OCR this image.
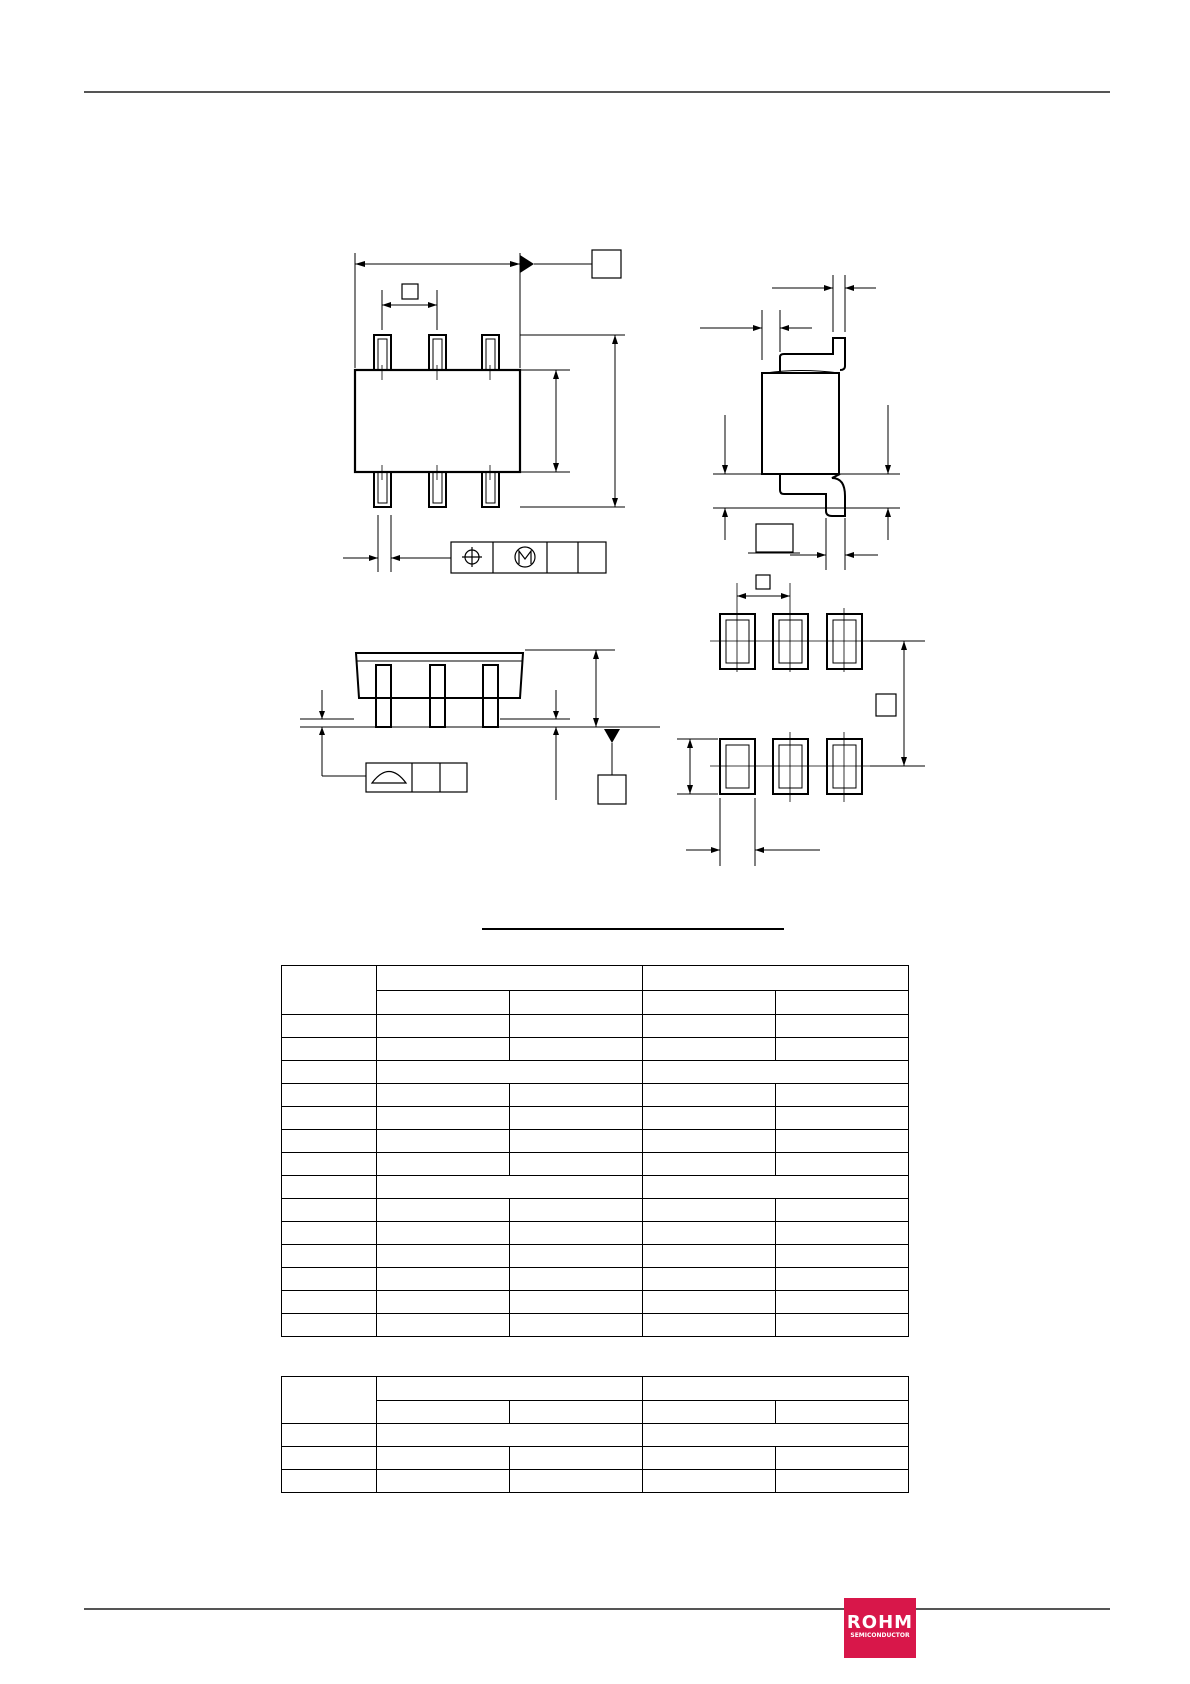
ROHM
SEMICONDUCTOR
